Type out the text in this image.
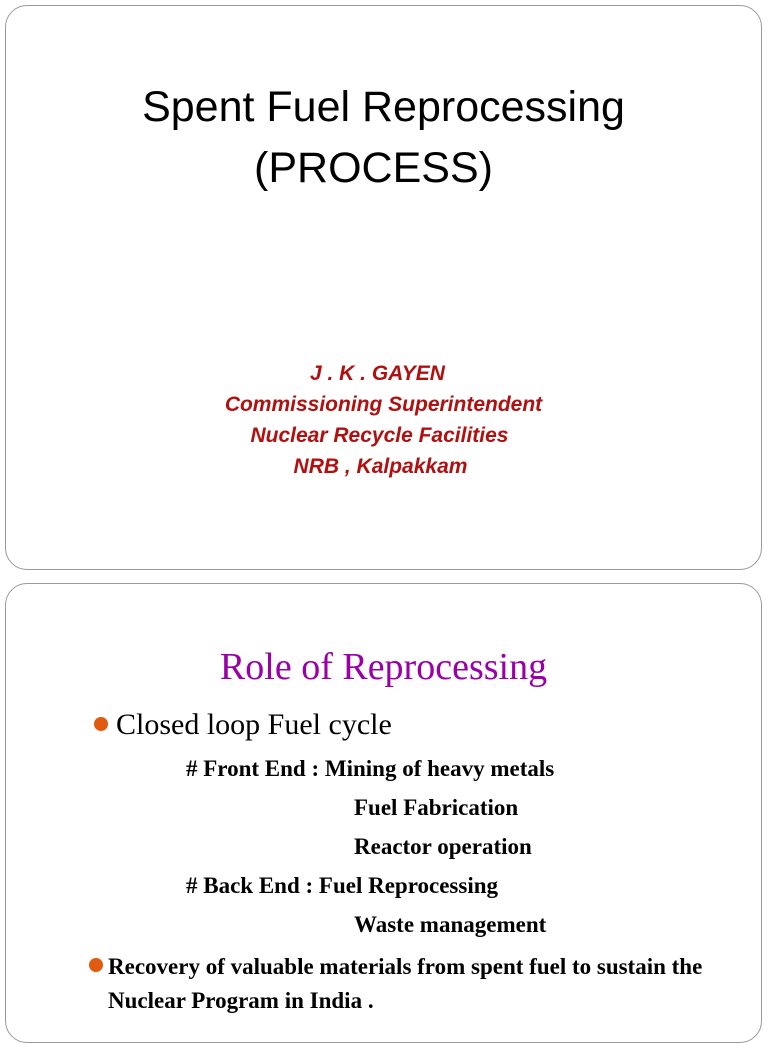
Spent Fuel Reprocessing
(PROCESS)
J . K . GAYEN
Commissioning Superintendent
Nuclear Recycle Facilities
NRB , Kalpakkam
Role of Reprocessing
Closed loop Fuel cycle
# Front End : Mining of heavy metals
Fuel Fabrication
Reactor operation
# Back End : Fuel Reprocessing
Waste management
Recovery of valuable materials from spent fuel to sustain the Nuclear Program in India .
